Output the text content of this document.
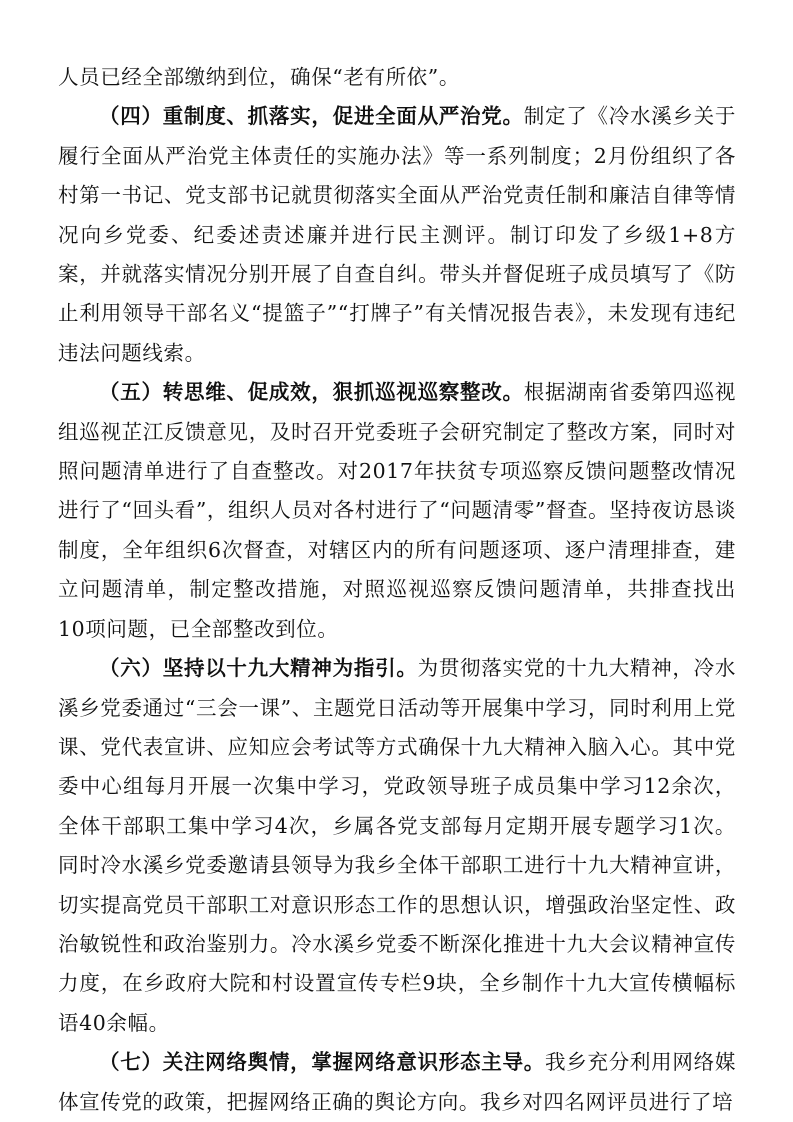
人员已经全部缴纳到位，确保“老有所依”。

（四）重制度、抓落实，促进全面从严治党。制定了《冷水溪乡关于履行全面从严治党主体责任的实施办法》等一系列制度；2月份组织了各村第一书记、党支部书记就贯彻落实全面从严治党责任制和廉洁自律等情况向乡党委、纪委述责述廉并进行民主测评。制订印发了乡级1+8方案，并就落实情况分别开展了自查自纠。带头并督促班子成员填写了《防止利用领导干部名义“提篮子”“打牌子”有关情况报告表》，未发现有违纪违法问题线索。

（五）转思维、促成效，狠抓巡视巡察整改。根据湖南省委第四巡视组巡视芷江反馈意见，及时召开党委班子会研究制定了整改方案，同时对照问题清单进行了自查整改。对2017年扶贫专项巡察反馈问题整改情况进行了“回头看”，组织人员对各村进行了“问题清零”督查。坚持夜访恳谈制度，全年组织6次督查，对辖区内的所有问题逐项、逐户清理排查，建立问题清单，制定整改措施，对照巡视巡察反馈问题清单，共排查找出10项问题，已全部整改到位。

（六）坚持以十九大精神为指引。为贯彻落实党的十九大精神，冷水溪乡党委通过“三会一课”、主题党日活动等开展集中学习，同时利用上党课、党代表宣讲、应知应会考试等方式确保十九大精神入脑入心。其中党委中心组每月开展一次集中学习，党政领导班子成员集中学习12余次，全体干部职工集中学习4次，乡属各党支部每月定期开展专题学习1次。同时冷水溪乡党委邀请县领导为我乡全体干部职工进行十九大精神宣讲，切实提高党员干部职工对意识形态工作的思想认识，增强政治坚定性、政治敏锐性和政治鉴别力。冷水溪乡党委不断深化推进十九大会议精神宣传力度，在乡政府大院和村设置宣传专栏9块，全乡制作十九大宣传横幅标语40余幅。

（七）关注网络舆情，掌握网络意识形态主导。我乡充分利用网络媒体宣传党的政策，把握网络正确的舆论方向。我乡对四名网评员进行了培
